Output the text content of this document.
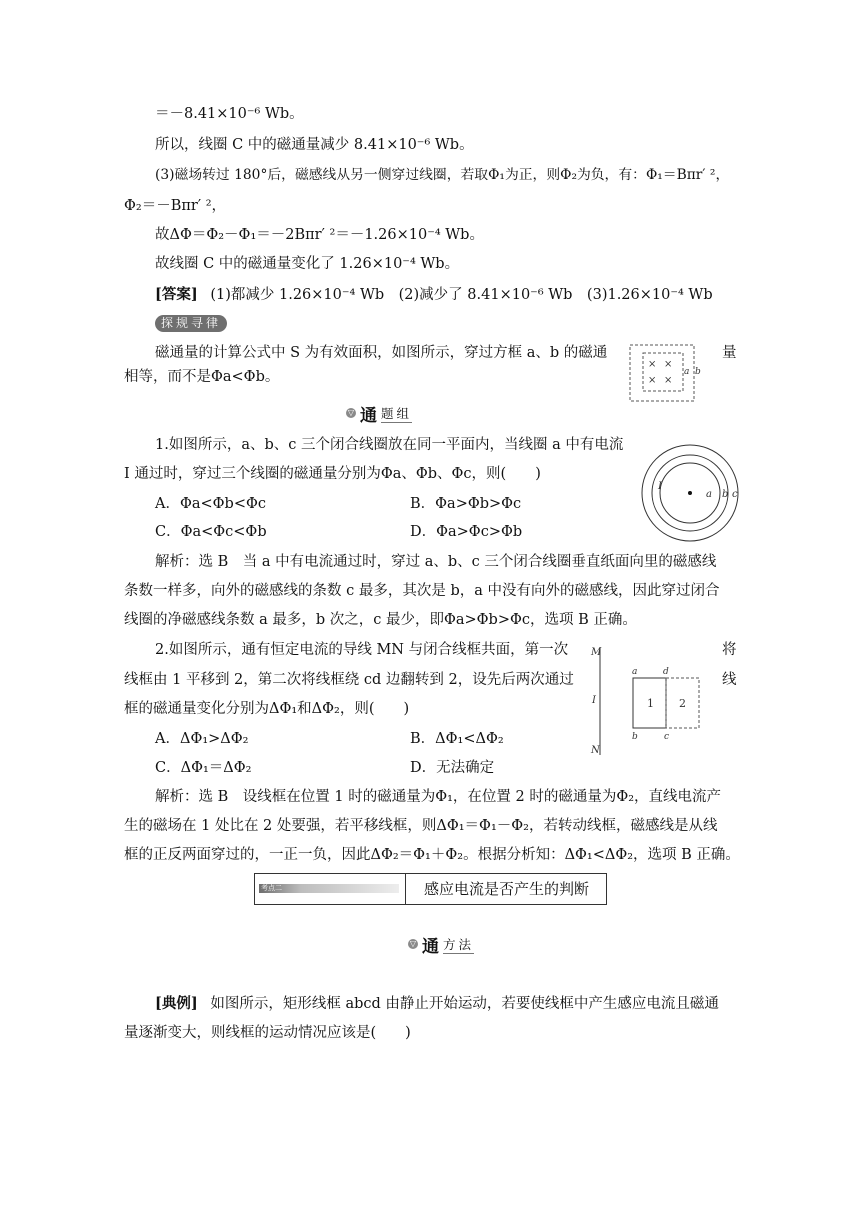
＝－8.41×10⁻⁶ Wb。
所以，线圈 C 中的磁通量减少 8.41×10⁻⁶ Wb。
(3)磁场转过 180°后，磁感线从另一侧穿过线圈，若取Φ₁为正，则Φ₂为负，有：Φ₁＝Bπr′ ²，
Φ₂＝－Bπr′ ²，
故ΔΦ＝Φ₂－Φ₁＝－2Bπr′ ²＝－1.26×10⁻⁴ Wb。
故线圈 C 中的磁通量变化了 1.26×10⁻⁴ Wb。
[答案] (1)都减少 1.26×10⁻⁴ Wb　(2)减少了 8.41×10⁻⁶ Wb　(3)1.26×10⁻⁴ Wb
探规寻律
磁通量的计算公式中 S 为有效面积，如图所示，穿过方框 a、b 的磁通	量
相等，而不是Φa<Φb。
× ×
× ×
a b
▽ 通 题组
1.如图所示，a、b、c 三个闭合线圈放在同一平面内，当线圈 a 中有电流
I 通过时，穿过三个线圈的磁通量分别为Φa、Φb、Φc，则(　　)
A．Φa<Φb<Φc	B．Φa>Φb>Φc
C．Φa<Φc<Φb	D．Φa>Φc>Φb
I
a b c
解析：选 B　当 a 中有电流通过时，穿过 a、b、c 三个闭合线圈垂直纸面向里的磁感线
条数一样多，向外的磁感线的条数 c 最多，其次是 b，a 中没有向外的磁感线，因此穿过闭合
线圈的净磁感线条数 a 最多，b 次之，c 最少，即Φa>Φb>Φc，选项 B 正确。
2.如图所示，通有恒定电流的导线 MN 与闭合线框共面，第一次	将
线框由 1 平移到 2，第二次将线框绕 cd 边翻转到 2，设先后两次通过	线
框的磁通量变化分别为ΔΦ₁和ΔΦ₂，则(　　)
A．ΔΦ₁>ΔΦ₂	B．ΔΦ₁<ΔΦ₂
C．ΔΦ₁＝ΔΦ₂	D．无法确定
M
N
I
a	d
b	c
1 2
解析：选 B　设线框在位置 1 时的磁通量为Φ₁，在位置 2 时的磁通量为Φ₂，直线电流产
生的磁场在 1 处比在 2 处要强，若平移线框，则ΔΦ₁＝Φ₁－Φ₂，若转动线框，磁感线是从线
框的正反两面穿过的，一正一负，因此ΔΦ₂＝Φ₁＋Φ₂。根据分析知：ΔΦ₁<ΔΦ₂，选项 B 正确。
考点二	感应电流是否产生的判断
▽ 通 方法
[典例] 如图所示，矩形线框 abcd 由静止开始运动，若要使线框中产生感应电流且磁通
量逐渐变大，则线框的运动情况应该是(　　)
